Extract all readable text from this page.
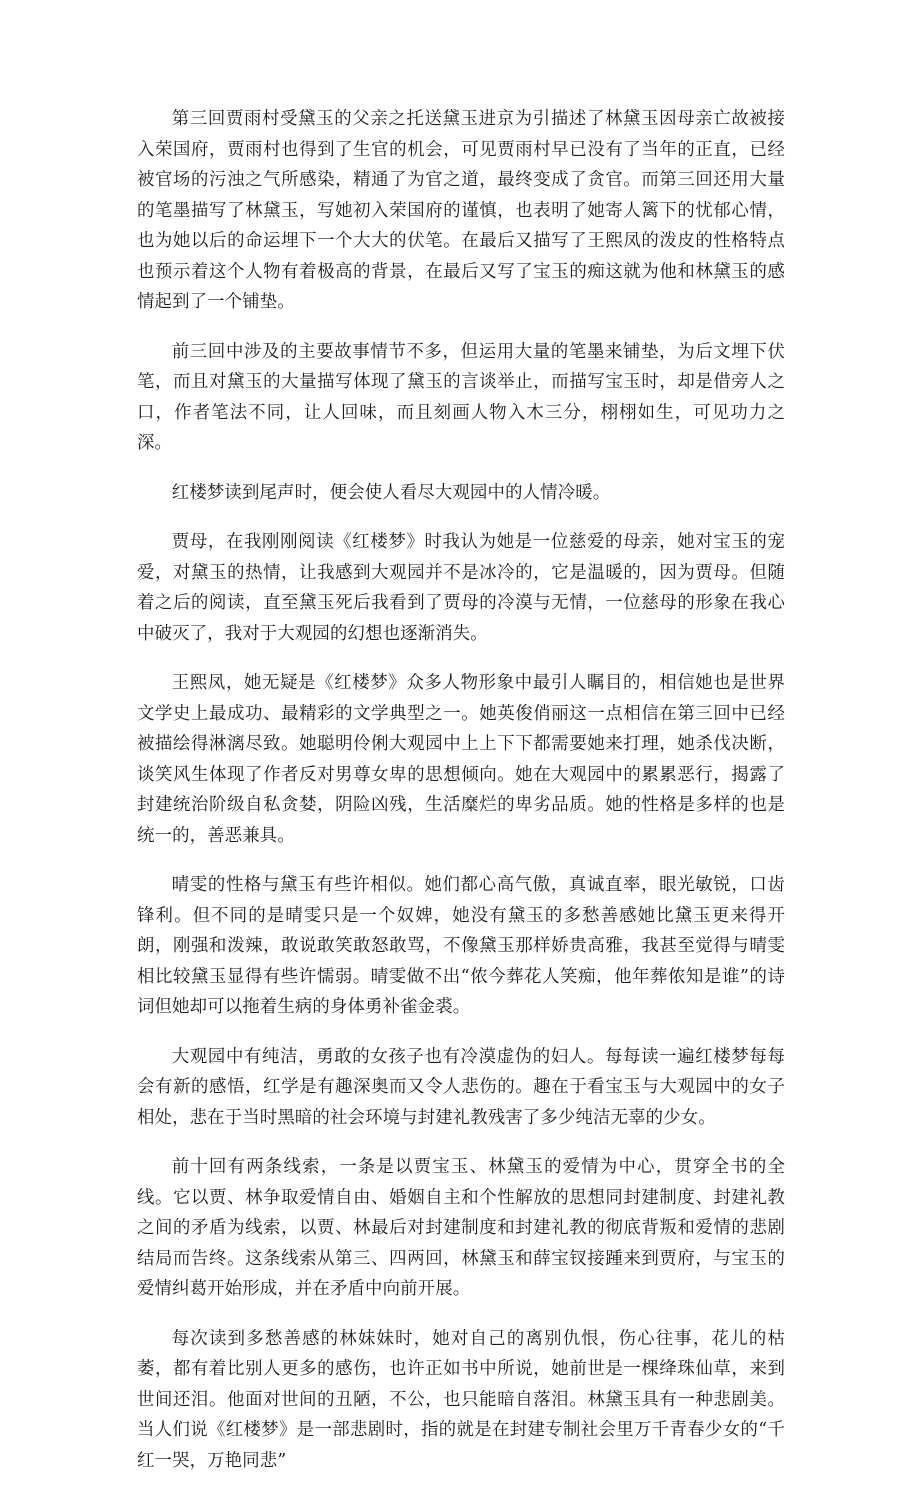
第三回贾雨村受黛玉的父亲之托送黛玉进京为引描述了林黛玉因母亲亡故被接入荣国府，贾雨村也得到了生官的机会，可见贾雨村早已没有了当年的正直，已经被官场的污浊之气所感染，精通了为官之道，最终变成了贪官。而第三回还用大量的笔墨描写了林黛玉，写她初入荣国府的谨慎，也表明了她寄人篱下的忧郁心情，也为她以后的命运埋下一个大大的伏笔。在最后又描写了王熙凤的泼皮的性格特点也预示着这个人物有着极高的背景，在最后又写了宝玉的痴这就为他和林黛玉的感情起到了一个铺垫。

前三回中涉及的主要故事情节不多，但运用大量的笔墨来铺垫，为后文埋下伏笔，而且对黛玉的大量描写体现了黛玉的言谈举止，而描写宝玉时，却是借旁人之口，作者笔法不同，让人回味，而且刻画人物入木三分，栩栩如生，可见功力之深。

红楼梦读到尾声时，便会使人看尽大观园中的人情冷暖。

贾母，在我刚刚阅读《红楼梦》时我认为她是一位慈爱的母亲，她对宝玉的宠爱，对黛玉的热情，让我感到大观园并不是冰冷的，它是温暖的，因为贾母。但随着之后的阅读，直至黛玉死后我看到了贾母的冷漠与无情，一位慈母的形象在我心中破灭了，我对于大观园的幻想也逐渐消失。

王熙凤，她无疑是《红楼梦》众多人物形象中最引人瞩目的，相信她也是世界文学史上最成功、最精彩的文学典型之一。她英俊俏丽这一点相信在第三回中已经被描绘得淋漓尽致。她聪明伶俐大观园中上上下下都需要她来打理，她杀伐决断，谈笑风生体现了作者反对男尊女卑的思想倾向。她在大观园中的累累恶行，揭露了封建统治阶级自私贪婪，阴险凶残，生活糜烂的卑劣品质。她的性格是多样的也是统一的，善恶兼具。

晴雯的性格与黛玉有些许相似。她们都心高气傲，真诚直率，眼光敏锐，口齿锋利。但不同的是晴雯只是一个奴婢，她没有黛玉的多愁善感她比黛玉更来得开朗，刚强和泼辣，敢说敢笑敢怒敢骂，不像黛玉那样娇贵高雅，我甚至觉得与晴雯相比较黛玉显得有些许懦弱。晴雯做不出“侬今葬花人笑痴，他年葬侬知是谁”的诗词但她却可以拖着生病的身体勇补雀金裘。

大观园中有纯洁，勇敢的女孩子也有冷漠虚伪的妇人。每每读一遍红楼梦每每会有新的感悟，红学是有趣深奥而又令人悲伤的。趣在于看宝玉与大观园中的女子相处，悲在于当时黑暗的社会环境与封建礼教残害了多少纯洁无辜的少女。

前十回有两条线索，一条是以贾宝玉、林黛玉的爱情为中心，贯穿全书的全线。它以贾、林争取爱情自由、婚姻自主和个性解放的思想同封建制度、封建礼教之间的矛盾为线索，以贾、林最后对封建制度和封建礼教的彻底背叛和爱情的悲剧结局而告终。这条线索从第三、四两回，林黛玉和薛宝钗接踵来到贾府，与宝玉的爱情纠葛开始形成，并在矛盾中向前开展。

每次读到多愁善感的林妹妹时，她对自己的离别仇恨，伤心往事，花儿的枯萎，都有着比别人更多的感伤，也许正如书中所说，她前世是一棵绛珠仙草，来到世间还泪。他面对世间的丑陋，不公，也只能暗自落泪。林黛玉具有一种悲剧美。当人们说《红楼梦》是一部悲剧时，指的就是在封建专制社会里万千青春少女的“千红一哭，万艳同悲”
